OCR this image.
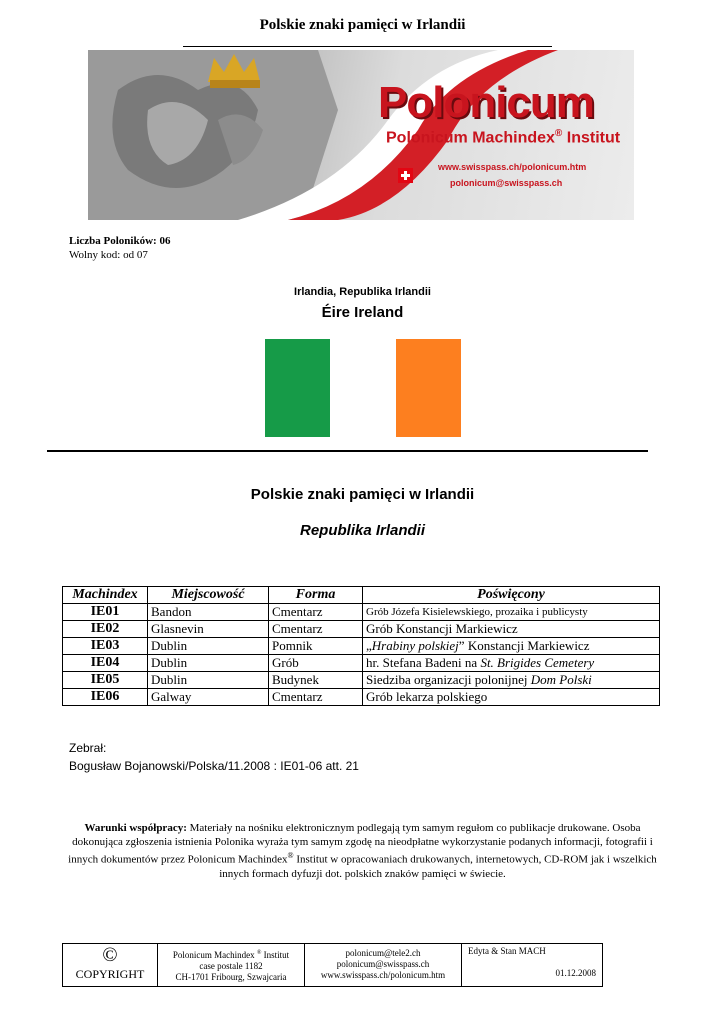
Polskie znaki pamięci w Irlandii
Polonicum
Polonicum Machindex® Institut
www.swisspass.ch/polonicum.htm
polonicum@swisspass.ch
Liczba Poloników: 06
Wolny kod: od 07
Irlandia, Republika Irlandii
Éire Ireland
Polskie znaki pamięci w Irlandii
Republika Irlandii
Machindex	Miejscowość	Forma	Poświęcony
IE01	Bandon	Cmentarz	Grób Józefa Kisielewskiego, prozaika i publicysty
IE02	Glasnevin	Cmentarz	Grób Konstancji Markiewicz
IE03	Dublin	Pomnik	„Hrabiny polskiej” Konstancji Markiewicz
IE04	Dublin	Grób	hr. Stefana Badeni na St. Brigides Cemetery
IE05	Dublin	Budynek	Siedziba organizacji polonijnej Dom Polski
IE06	Galway	Cmentarz	Grób lekarza polskiego
Zebrał:
Bogusław Bojanowski/Polska/11.2008 : IE01-06 att. 21
Warunki współpracy: Materiały na nośniku elektronicznym podlegają tym samym regułom co publikacje drukowane. Osoba dokonująca zgłoszenia istnienia Polonika wyraża tym samym zgodę na nieodpłatne wykorzystanie podanych informacji, fotografii i innych dokumentów przez Polonicum Machindex® Institut w opracowaniach drukowanych, internetowych, CD-ROM jak i wszelkich innych formach dyfuzji dot. polskich znaków pamięci w świecie.
©
COPYRIGHT

Polonicum Machindex ® Institut
case postale 1182
CH-1701 Fribourg, Szwajcaria

polonicum@tele2.ch
polonicum@swisspass.ch
www.swisspass.ch/polonicum.htm

Edyta & Stan MACH
01.12.2008
